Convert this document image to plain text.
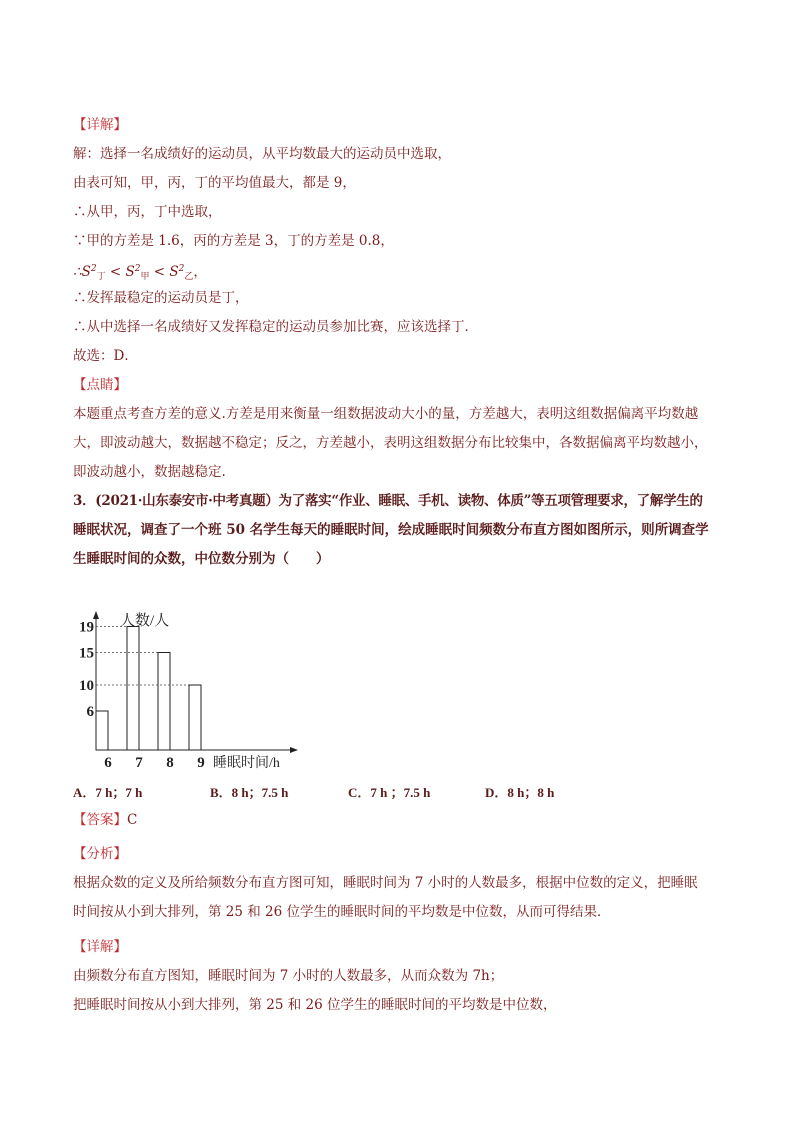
【详解】
解：选择一名成绩好的运动员，从平均数最大的运动员中选取，
由表可知，甲，丙，丁的平均值最大，都是 9，
∴从甲，丙，丁中选取，
∵甲的方差是 1.6，丙的方差是 3，丁的方差是 0.8，
$\therefore S^2_丁 < S^2_甲 < S^2_乙$，
∴发挥最稳定的运动员是丁，
∴从中选择一名成绩好又发挥稳定的运动员参加比赛，应该选择丁．
故选：D．
【点睛】
本题重点考查方差的意义.方差是用来衡量一组数据波动大小的量，方差越大，表明这组数据偏离平均数越
大，即波动越大，数据越不稳定；反之，方差越小，表明这组数据分布比较集中，各数据偏离平均数越小，
即波动越小，数据越稳定.
3．(2021·山东泰安市·中考真题）为了落实“作业、睡眠、手机、读物、体质”等五项管理要求，了解学生的
睡眠状况，调查了一个班 50 名学生每天的睡眠时间，绘成睡眠时间频数分布直方图如图所示，则所调查学
生睡眠时间的众数，中位数分别为（　　）
6 7 8 9
6
10
15
19 人数/人
睡眠时间/h
A．7 h；7 h	B．8 h；7.5 h	C．7 h ；7.5 h	D．8 h；8 h
【答案】C
【分析】
根据众数的定义及所给频数分布直方图可知，睡眠时间为 7 小时的人数最多，根据中位数的定义，把睡眠
时间按从小到大排列，第 25 和 26 位学生的睡眠时间的平均数是中位数，从而可得结果．
【详解】
由频数分布直方图知，睡眠时间为 7 小时的人数最多，从而众数为 7h；
把睡眠时间按从小到大排列，第 25 和 26 位学生的睡眠时间的平均数是中位数，
